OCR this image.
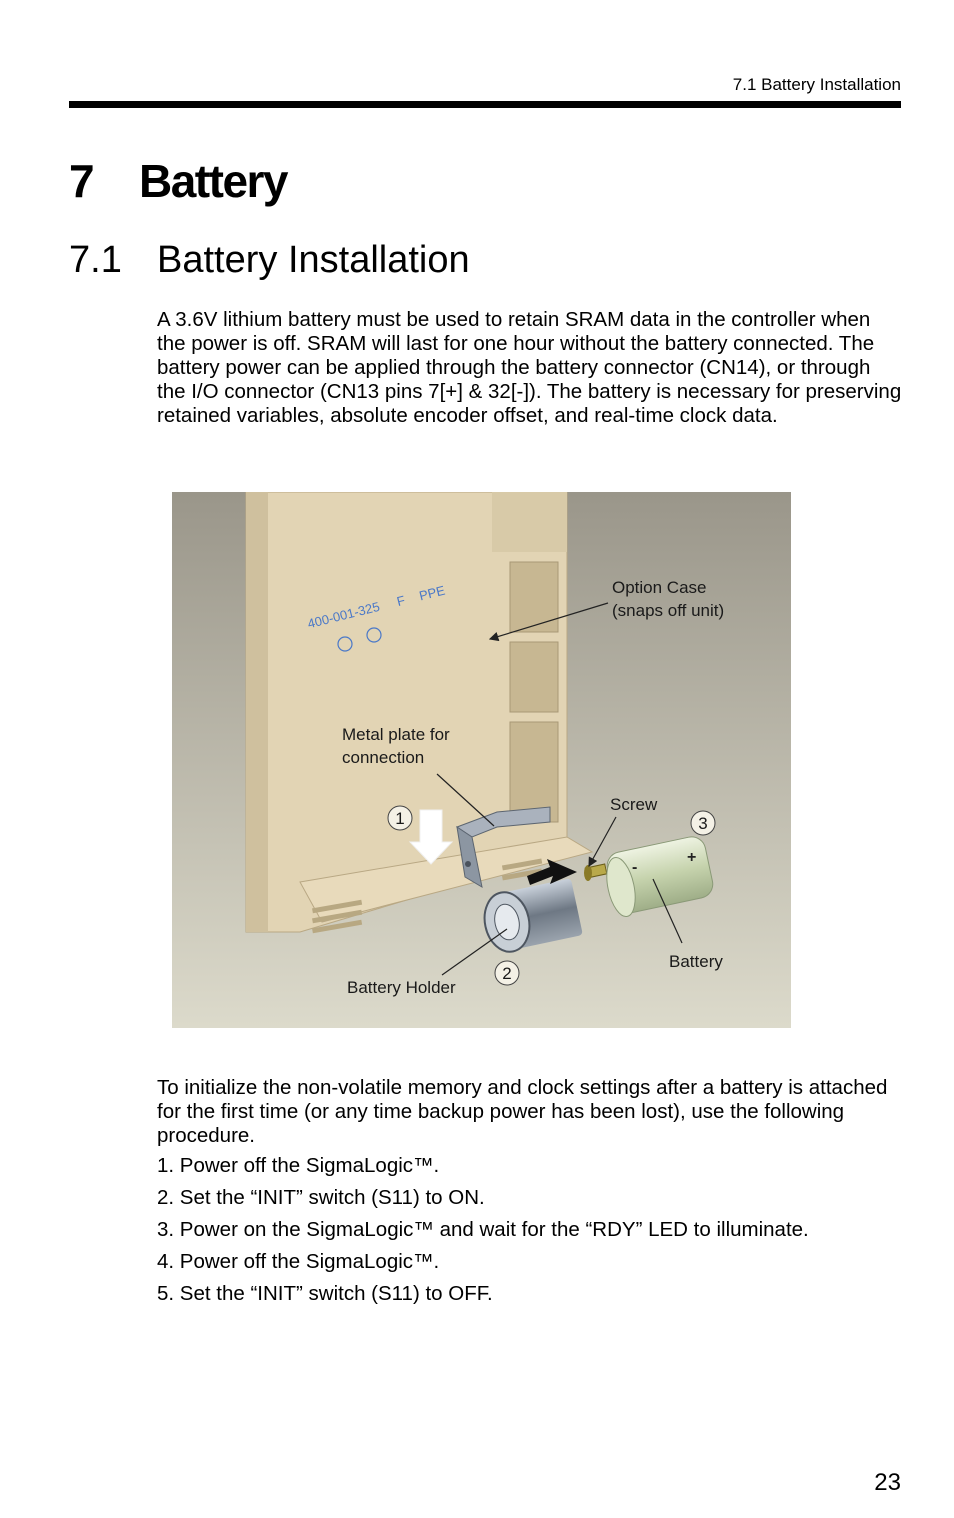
7.1 Battery Installation
7 Battery
7.1 Battery Installation

A 3.6V lithium battery must be used to retain SRAM data in the controller when the power is off. SRAM will last for one hour without the battery connected. The battery power can be applied through the battery connector (CN14), or through the I/O connector (CN13 pins 7[+] & 32[-]). The battery is necessary for preserving retained variables, absolute encoder offset, and real-time clock data.

400-001-325 F PPE
-
+
1
2
3
Option Case
(snaps off unit)
Metal plate for
connection
Screw
Battery
Battery Holder

To initialize the non-volatile memory and clock settings after a battery is attached for the first time (or any time backup power has been lost), use the following procedure.

1. Power off the SigmaLogic™.
2. Set the “INIT” switch (S11) to ON.
3. Power on the SigmaLogic™ and wait for the “RDY” LED to illuminate.
4. Power off the SigmaLogic™.
5. Set the “INIT” switch (S11) to OFF.
23
